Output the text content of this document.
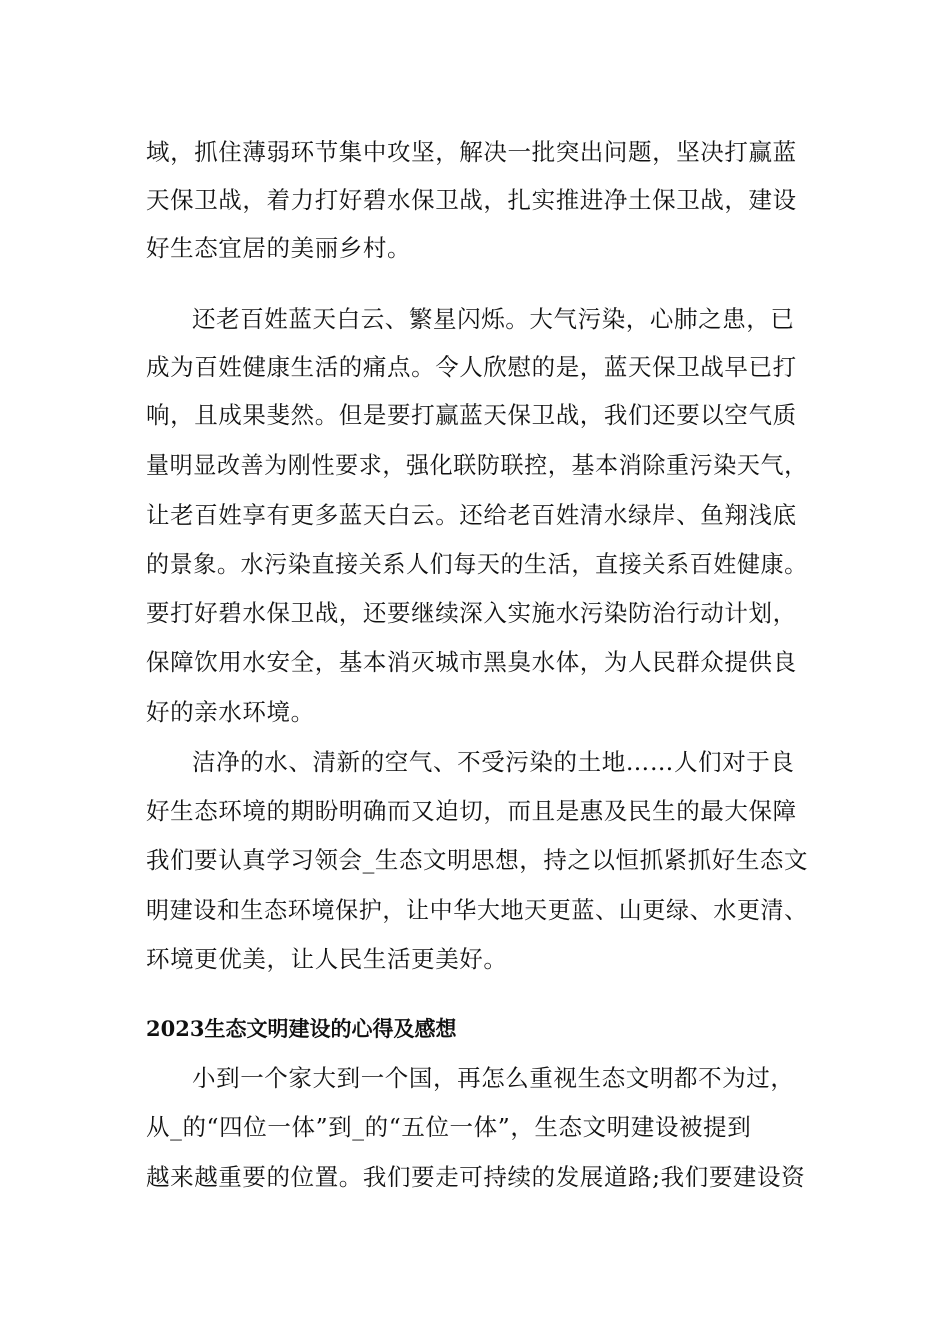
域，抓住薄弱环节集中攻坚，解决一批突出问题，坚决打赢蓝
天保卫战，着力打好碧水保卫战，扎实推进净土保卫战，建设
好生态宜居的美丽乡村。
还老百姓蓝天白云、繁星闪烁。大气污染，心肺之患，已
成为百姓健康生活的痛点。令人欣慰的是，蓝天保卫战早已打
响，且成果斐然。但是要打赢蓝天保卫战，我们还要以空气质
量明显改善为刚性要求，强化联防联控，基本消除重污染天气，
让老百姓享有更多蓝天白云。还给老百姓清水绿岸、鱼翔浅底
的景象。水污染直接关系人们每天的生活，直接关系百姓健康。
要打好碧水保卫战，还要继续深入实施水污染防治行动计划，
保障饮用水安全，基本消灭城市黑臭水体，为人民群众提供良
好的亲水环境。
洁净的水、清新的空气、不受污染的土地……人们对于良
好生态环境的期盼明确而又迫切，而且是惠及民生的最大保障
我们要认真学习领会_生态文明思想，持之以恒抓紧抓好生态文
明建设和生态环境保护，让中华大地天更蓝、山更绿、水更清、
环境更优美，让人民生活更美好。
2023生态文明建设的心得及感想
小到一个家大到一个国，再怎么重视生态文明都不为过，
从_的“四位一体”到_的“五位一体”，生态文明建设被提到
越来越重要的位置。我们要走可持续的发展道路;我们要建设资
